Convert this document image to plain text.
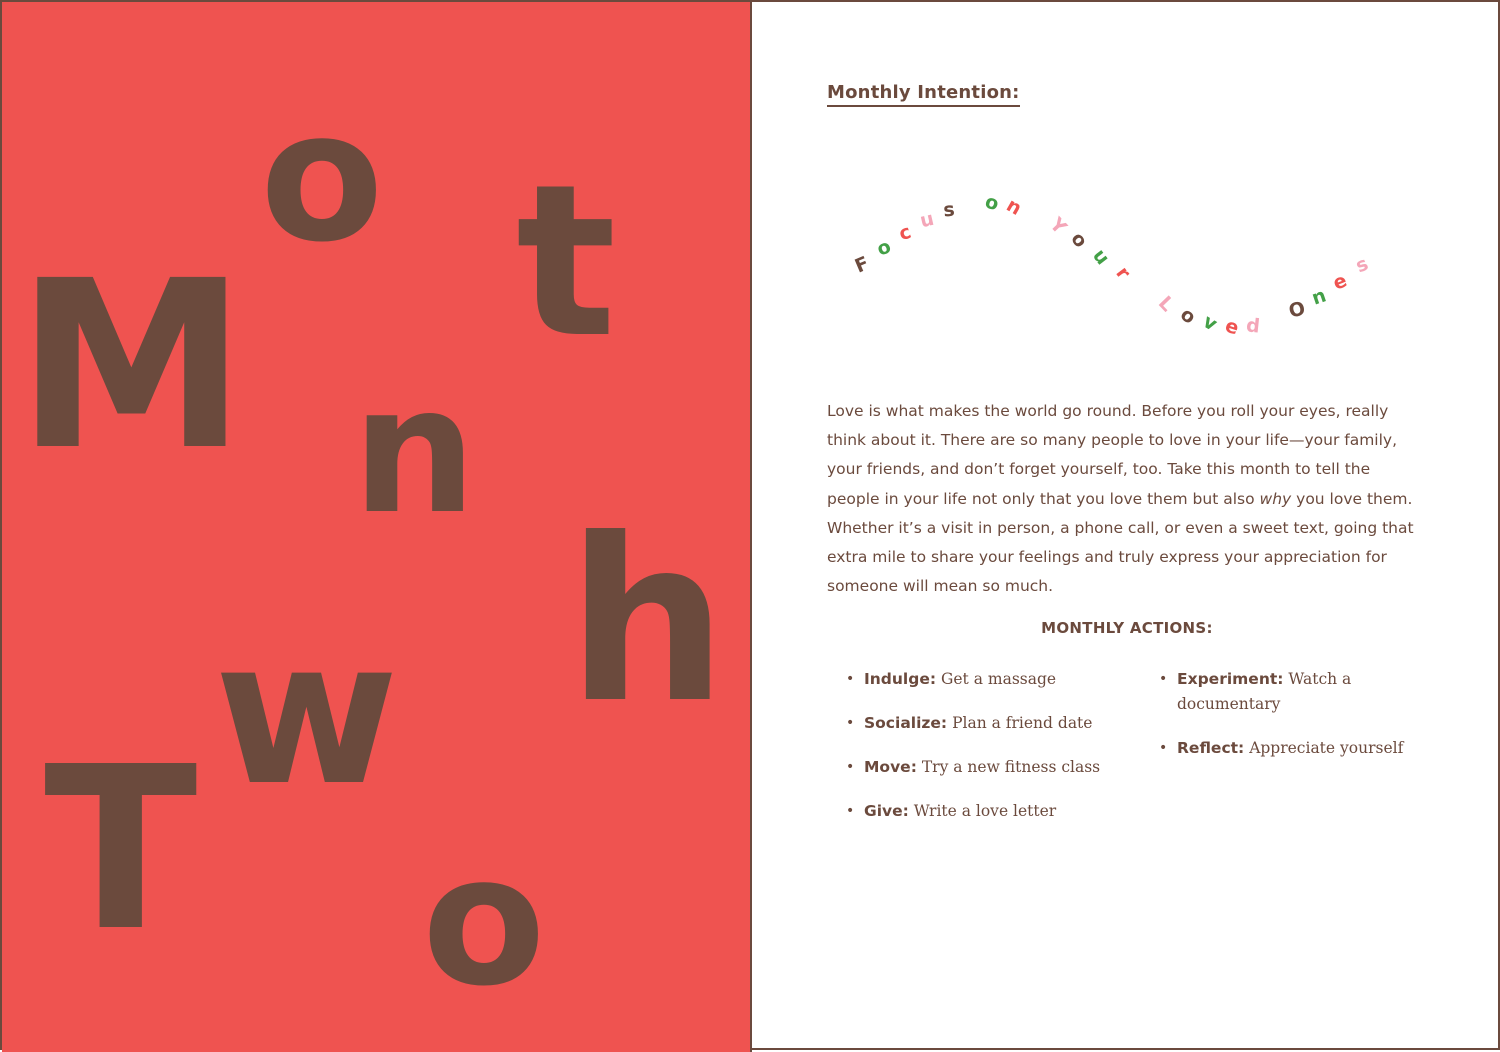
M
o
n
t
h
T
w
o
Monthly Intention:
F
o
c
u s o n
Y
o
u
r
L
o
v e d
O
n
e
s

Love is what makes the world go round. Before you roll your eyes, really think about it. There are so many people to love in your life—your family, your friends, and don’t forget yourself, too. Take this month to tell the people in your life not only that you love them but also why you love them. Whether it’s a visit in person, a phone call, or even a sweet text, going that extra mile to share your feelings and truly express your appreciation for someone will mean so much.

MONTHLY ACTIONS:
• Indulge: Get a massage
• Socialize: Plan a friend date
• Move: Try a new fitness class
• Give: Write a love letter
• Experiment: Watch a documentary
• Reflect: Appreciate yourself
